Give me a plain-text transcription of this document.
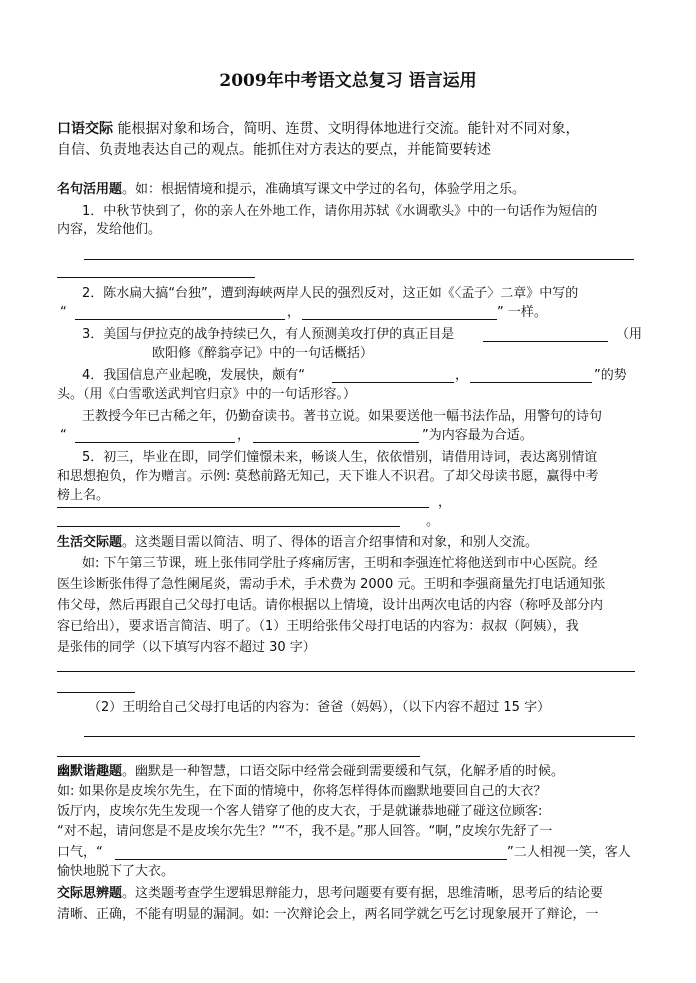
2009年中考语文总复习 语言运用
口语交际 能根据对象和场合，简明、连贯、文明得体地进行交流。能针对不同对象，
自信、负责地表达自己的观点。能抓住对方表达的要点，并能简要转述
名句活用题。如：根据情境和提示，准确填写课文中学过的名句，体验学用之乐。
1．中秋节快到了，你的亲人在外地工作，请你用苏轼《水调歌头》中的一句话作为短信的
内容，发给他们。
2．陈水扁大搞“台独”，遭到海峡两岸人民的强烈反对，这正如《〈孟子〉二章》中写的
“	，	” 一样。
3．美国与伊拉克的战争持续已久，有人预测美攻打伊的真正目是	（用
欧阳修《醉翁亭记》中的一句话概括）
4．我国信息产业起晚，发展快，颇有“	，	”的势
头。（用《白雪歌送武判官归京》中的一句话形容。）
王教授今年已古稀之年，仍勤奋读书。著书立说。如果要送他一幅书法作品，用警句的诗句
“	，	”为内容最为合适。
5．初三，毕业在即，同学们憧憬未来，畅谈人生，依依惜别，请借用诗词，表达离别情谊
和思想抱负，作为赠言。示例: 莫愁前路无知己，天下谁人不识君。了却父母读书愿，赢得中考
榜上名。	，
。
生活交际题。这类题目需以简洁、明了、得体的语言介绍事情和对象，和别人交流。
如: 下午第三节课，班上张伟同学肚子疼痛厉害，王明和李强连忙将他送到市中心医院。经
医生诊断张伟得了急性阑尾炎，需动手术，手术费为 2000 元。王明和李强商量先打电话通知张
伟父母，然后再跟自己父母打电话。请你根据以上情境，设计出两次电话的内容（称呼及部分内
容已给出），要求语言简洁、明了。（1）王明给张伟父母打电话的内容为：叔叔（阿姨），我
是张伟的同学（以下填写内容不超过 30 字）
（2）王明给自己父母打电话的内容为：爸爸（妈妈），（以下内容不超过 15 字）
幽默谐趣题。幽默是一种智慧，口语交际中经常会碰到需要缓和气氛，化解矛盾的时候。
如: 如果你是皮埃尔先生，在下面的情境中，你将怎样得体而幽默地要回自己的大衣？
饭厅内，皮埃尔先生发现一个客人错穿了他的皮大衣，于是就谦恭地碰了碰这位顾客:
“对不起，请问您是不是皮埃尔先生？”“不，我不是。”那人回答。“啊，”皮埃尔先舒了一
口气，“	”二人相视一笑，客人
愉快地脱下了大衣。
交际思辨题。这类题考查学生逻辑思辩能力，思考问题要有要有据，思维清晰，思考后的结论要
清晰、正确，不能有明显的漏洞。如: 一次辩论会上，两名同学就乞丐乞讨现象展开了辩论，一
